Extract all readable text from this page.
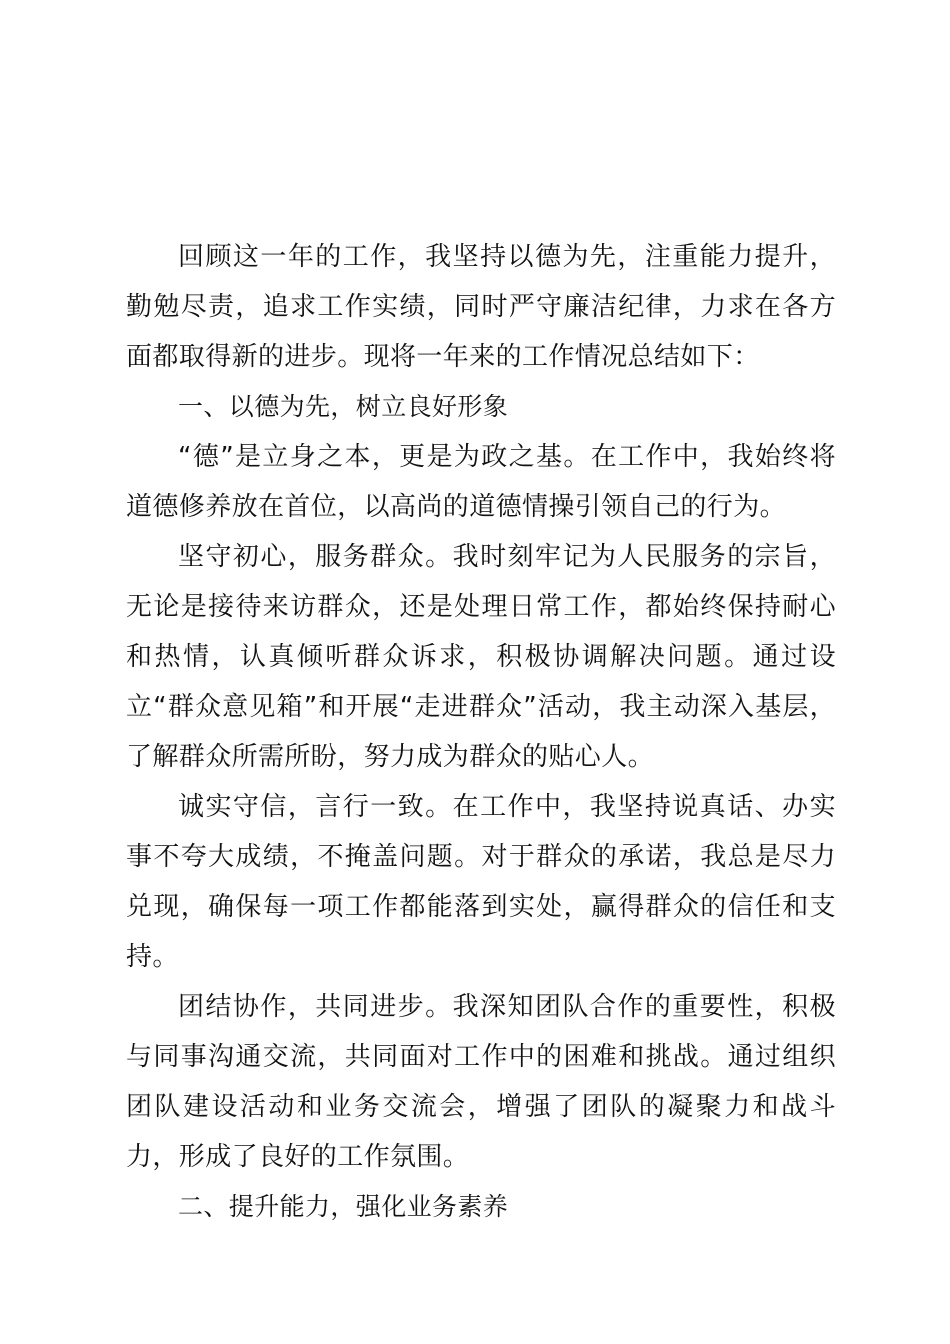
回顾这一年的工作，我坚持以德为先，注重能力提升，勤勉尽责，追求工作实绩，同时严守廉洁纪律，力求在各方面都取得新的进步。现将一年来的工作情况总结如下：

一、以德为先，树立良好形象

“德”是立身之本，更是为政之基。在工作中，我始终将道德修养放在首位，以高尚的道德情操引领自己的行为。

坚守初心，服务群众。我时刻牢记为人民服务的宗旨，无论是接待来访群众，还是处理日常工作，都始终保持耐心和热情，认真倾听群众诉求，积极协调解决问题。通过设立“群众意见箱”和开展“走进群众”活动，我主动深入基层，了解群众所需所盼，努力成为群众的贴心人。

诚实守信，言行一致。在工作中，我坚持说真话、办实事不夸大成绩，不掩盖问题。对于群众的承诺，我总是尽力兑现，确保每一项工作都能落到实处，赢得群众的信任和支持。

团结协作，共同进步。我深知团队合作的重要性，积极与同事沟通交流，共同面对工作中的困难和挑战。通过组织团队建设活动和业务交流会，增强了团队的凝聚力和战斗力，形成了良好的工作氛围。

二、提升能力，强化业务素养
